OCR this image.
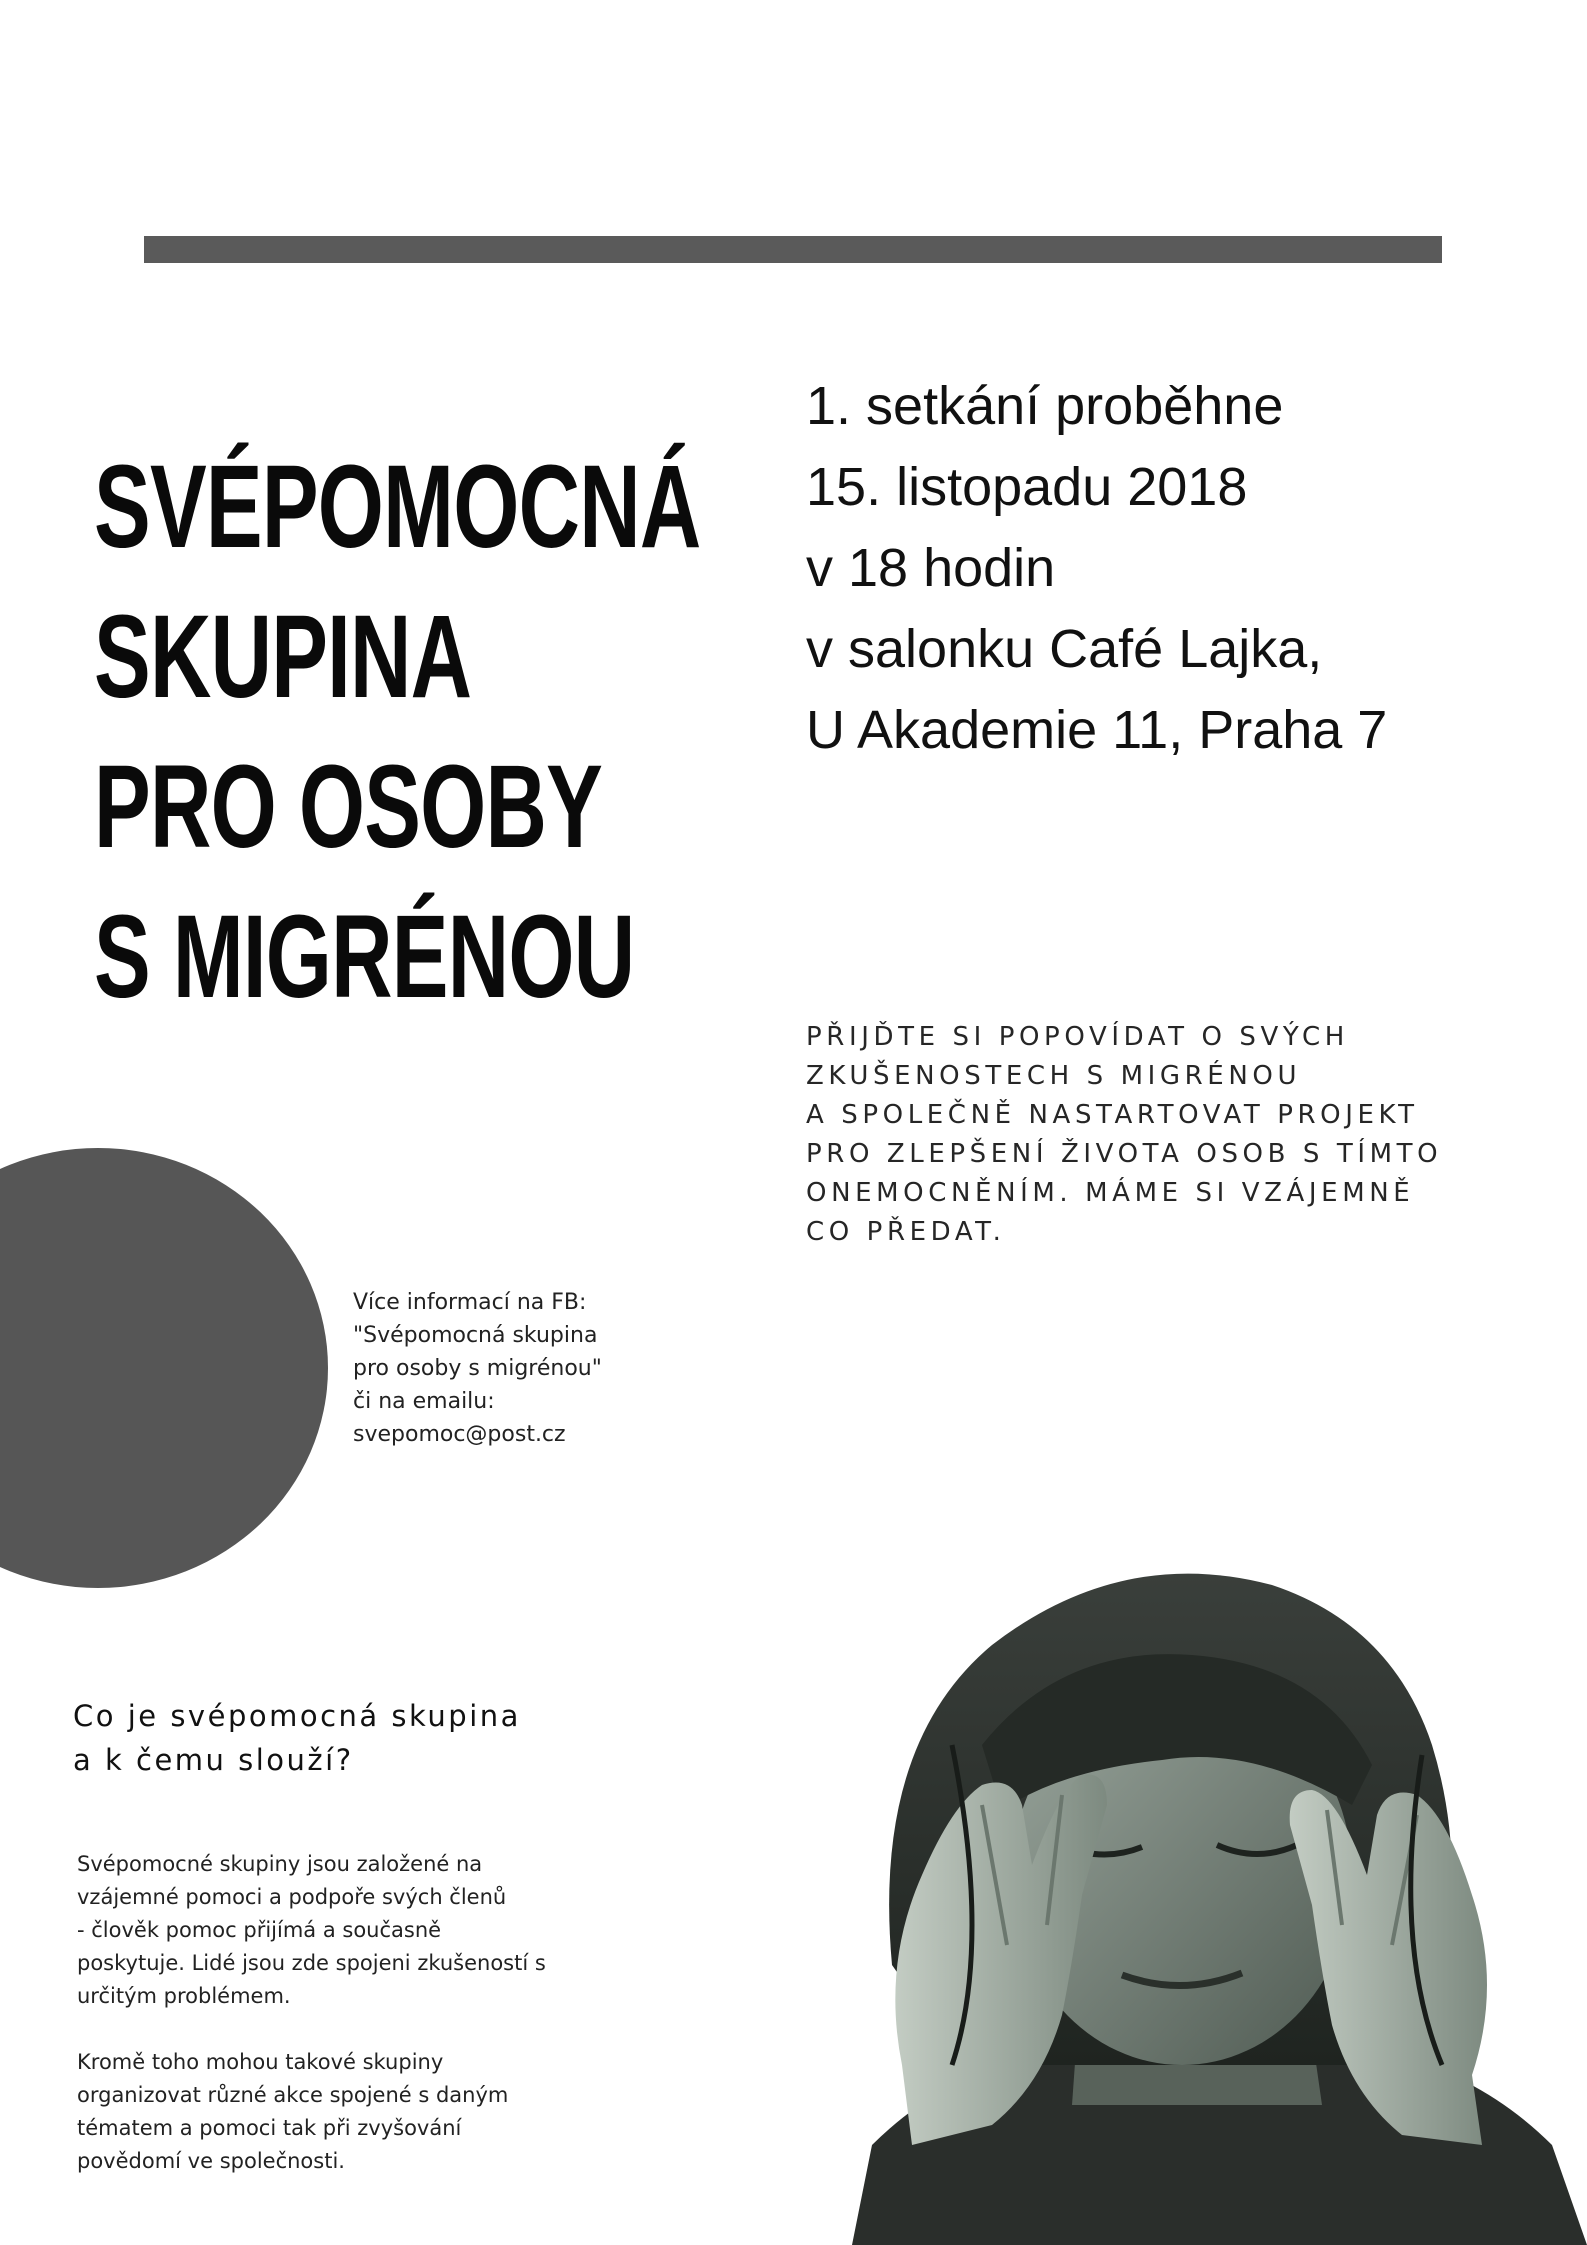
SVÉPOMOCNÁ
SKUPINA
PRO OSOBY
S MIGRÉNOU
1. setkání proběhne
15. listopadu 2018
v 18 hodin
v salonku Café Lajka,
U Akademie 11, Praha 7
PŘIJĎTE SI POPOVÍDAT O SVÝCH
ZKUŠENOSTECH S MIGRÉNOU
A SPOLEČNĚ NASTARTOVAT PROJEKT
PRO ZLEPŠENÍ ŽIVOTA OSOB S TÍMTO
ONEMOCNĚNÍM. MÁME SI VZÁJEMNĚ
CO PŘEDAT.
Více informací na FB:
"Svépomocná skupina
pro osoby s migrénou"
či na emailu:
svepomoc@post.cz
Co je svépomocná skupina
a k čemu slouží?
Svépomocné skupiny jsou založené na
vzájemné pomoci a podpoře svých členů
- člověk pomoc přijímá a současně
poskytuje. Lidé jsou zde spojeni zkušeností s
určitým problémem.
Kromě toho mohou takové skupiny
organizovat různé akce spojené s daným
tématem a pomoci tak při zvyšování
povědomí ve společnosti.
